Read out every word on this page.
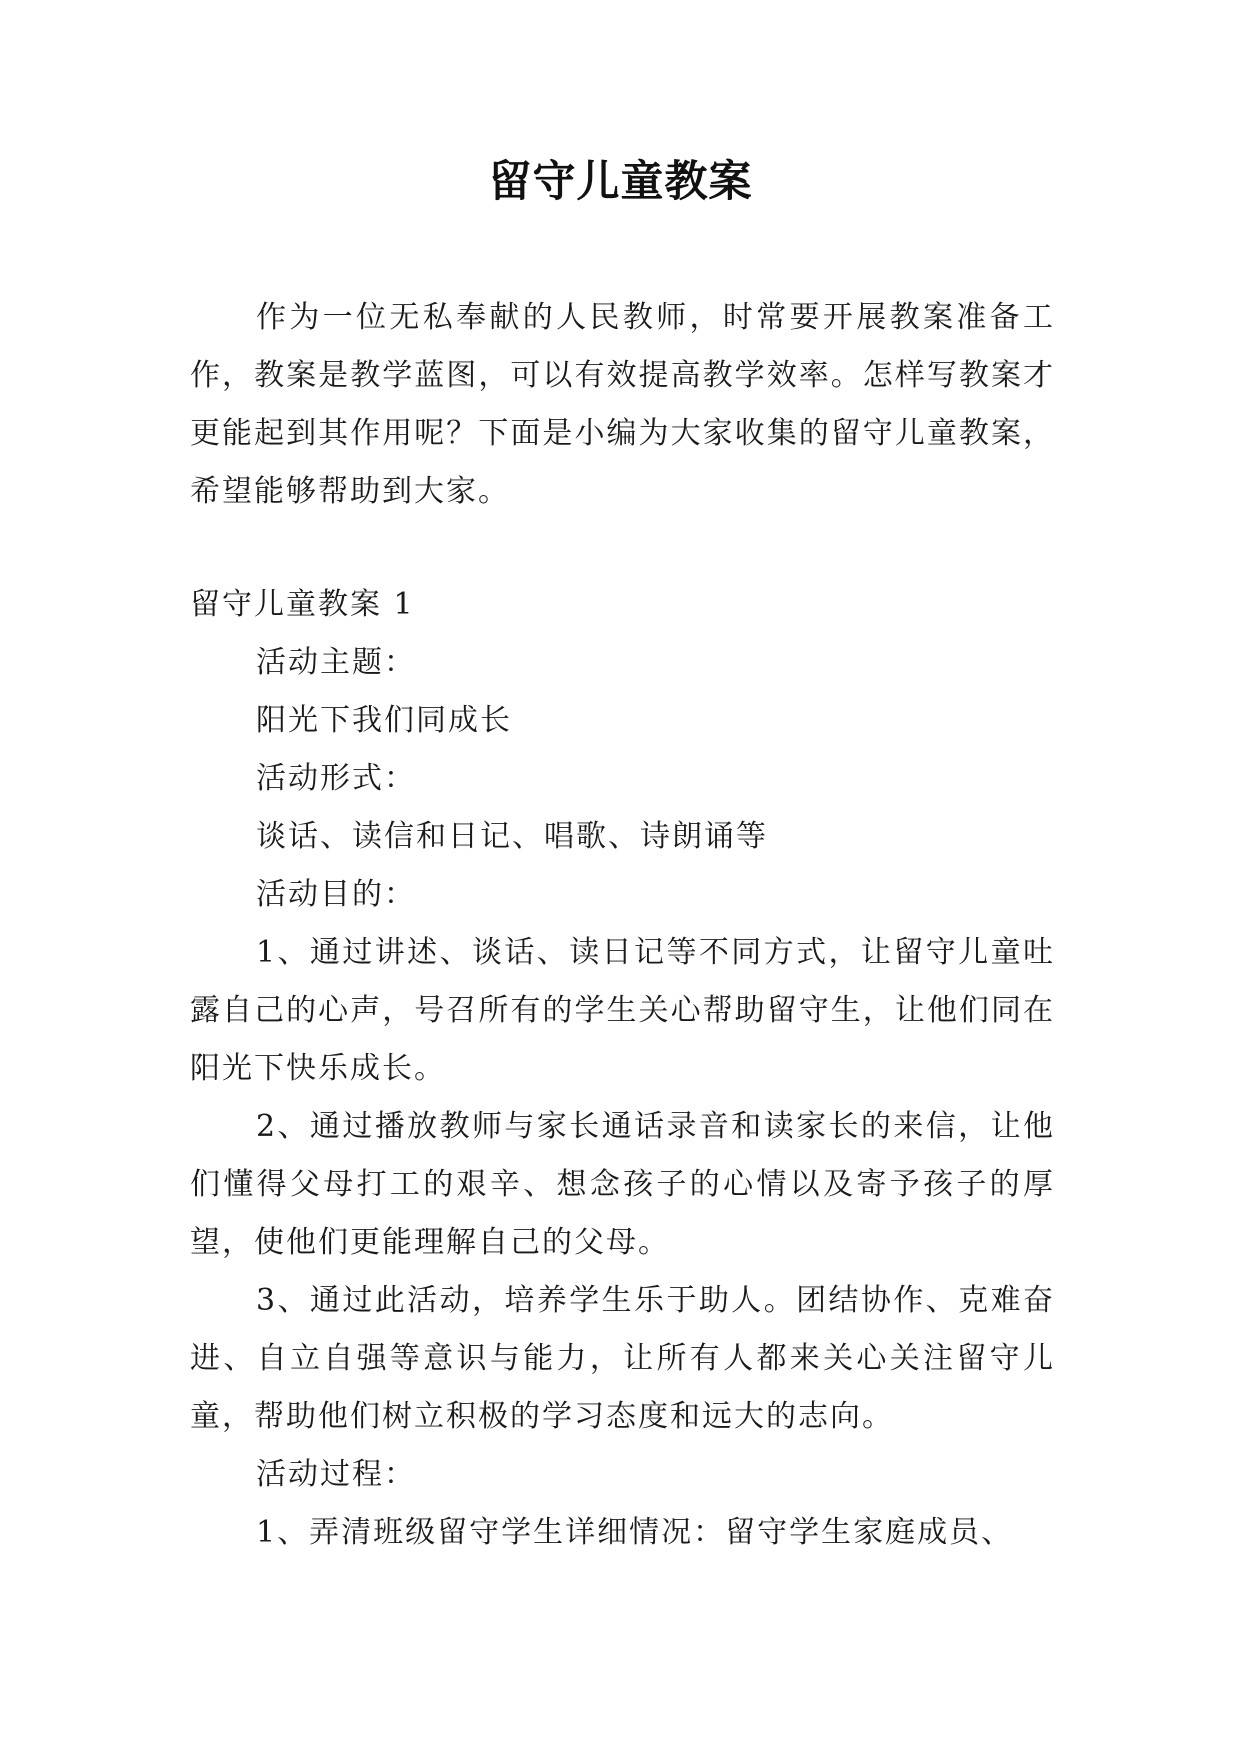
留守儿童教案

作为一位无私奉献的人民教师，时常要开展教案准备工作，教案是教学蓝图，可以有效提高教学效率。怎样写教案才更能起到其作用呢？下面是小编为大家收集的留守儿童教案，希望能够帮助到大家。

留守儿童教案 1

活动主题：

阳光下我们同成长

活动形式：

谈话、读信和日记、唱歌、诗朗诵等

活动目的：

1、通过讲述、谈话、读日记等不同方式，让留守儿童吐露自己的心声，号召所有的学生关心帮助留守生，让他们同在阳光下快乐成长。

2、通过播放教师与家长通话录音和读家长的来信，让他们懂得父母打工的艰辛、想念孩子的心情以及寄予孩子的厚望，使他们更能理解自己的父母。

3、通过此活动，培养学生乐于助人。团结协作、克难奋进、自立自强等意识与能力，让所有人都来关心关注留守儿童，帮助他们树立积极的学习态度和远大的志向。

活动过程：

1、弄清班级留守学生详细情况：留守学生家庭成员、
